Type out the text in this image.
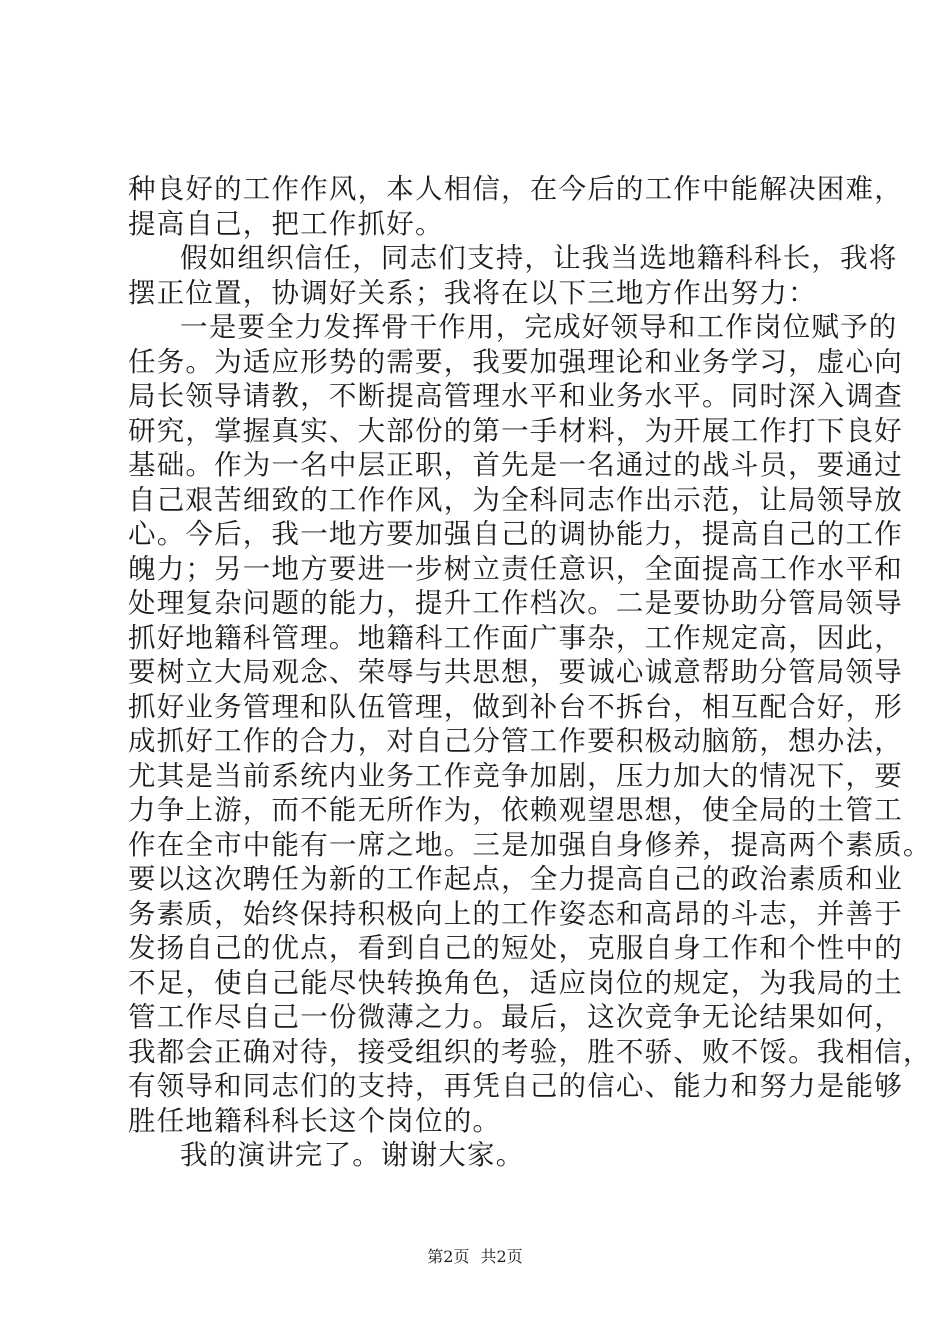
种良好的工作作风，本人相信，在今后的工作中能解决困难，
提高自己，把工作抓好。
假如组织信任，同志们支持，让我当选地籍科科长，我将
摆正位置，协调好关系；我将在以下三地方作出努力：
一是要全力发挥骨干作用，完成好领导和工作岗位赋予的
任务。为适应形势的需要，我要加强理论和业务学习，虚心向
局长领导请教，不断提高管理水平和业务水平。同时深入调查
研究，掌握真实、大部份的第一手材料，为开展工作打下良好
基础。作为一名中层正职，首先是一名通过的战斗员，要通过
自己艰苦细致的工作作风，为全科同志作出示范，让局领导放
心。今后，我一地方要加强自己的调协能力，提高自己的工作
魄力；另一地方要进一步树立责任意识，全面提高工作水平和
处理复杂问题的能力，提升工作档次。二是要协助分管局领导
抓好地籍科管理。地籍科工作面广事杂，工作规定高，因此，
要树立大局观念、荣辱与共思想，要诚心诚意帮助分管局领导
抓好业务管理和队伍管理，做到补台不拆台，相互配合好，形
成抓好工作的合力，对自己分管工作要积极动脑筋，想办法，
尤其是当前系统内业务工作竞争加剧，压力加大的情况下，要
力争上游，而不能无所作为，依赖观望思想，使全局的土管工
作在全市中能有一席之地。三是加强自身修养，提高两个素质。
要以这次聘任为新的工作起点，全力提高自己的政治素质和业
务素质，始终保持积极向上的工作姿态和高昂的斗志，并善于
发扬自己的优点，看到自己的短处，克服自身工作和个性中的
不足，使自己能尽快转换角色，适应岗位的规定，为我局的土
管工作尽自己一份微薄之力。最后，这次竞争无论结果如何，
我都会正确对待，接受组织的考验，胜不骄、败不馁。我相信，
有领导和同志们的支持，再凭自己的信心、能力和努力是能够
胜任地籍科科长这个岗位的。
我的演讲完了。谢谢大家。
第2页 共2页
